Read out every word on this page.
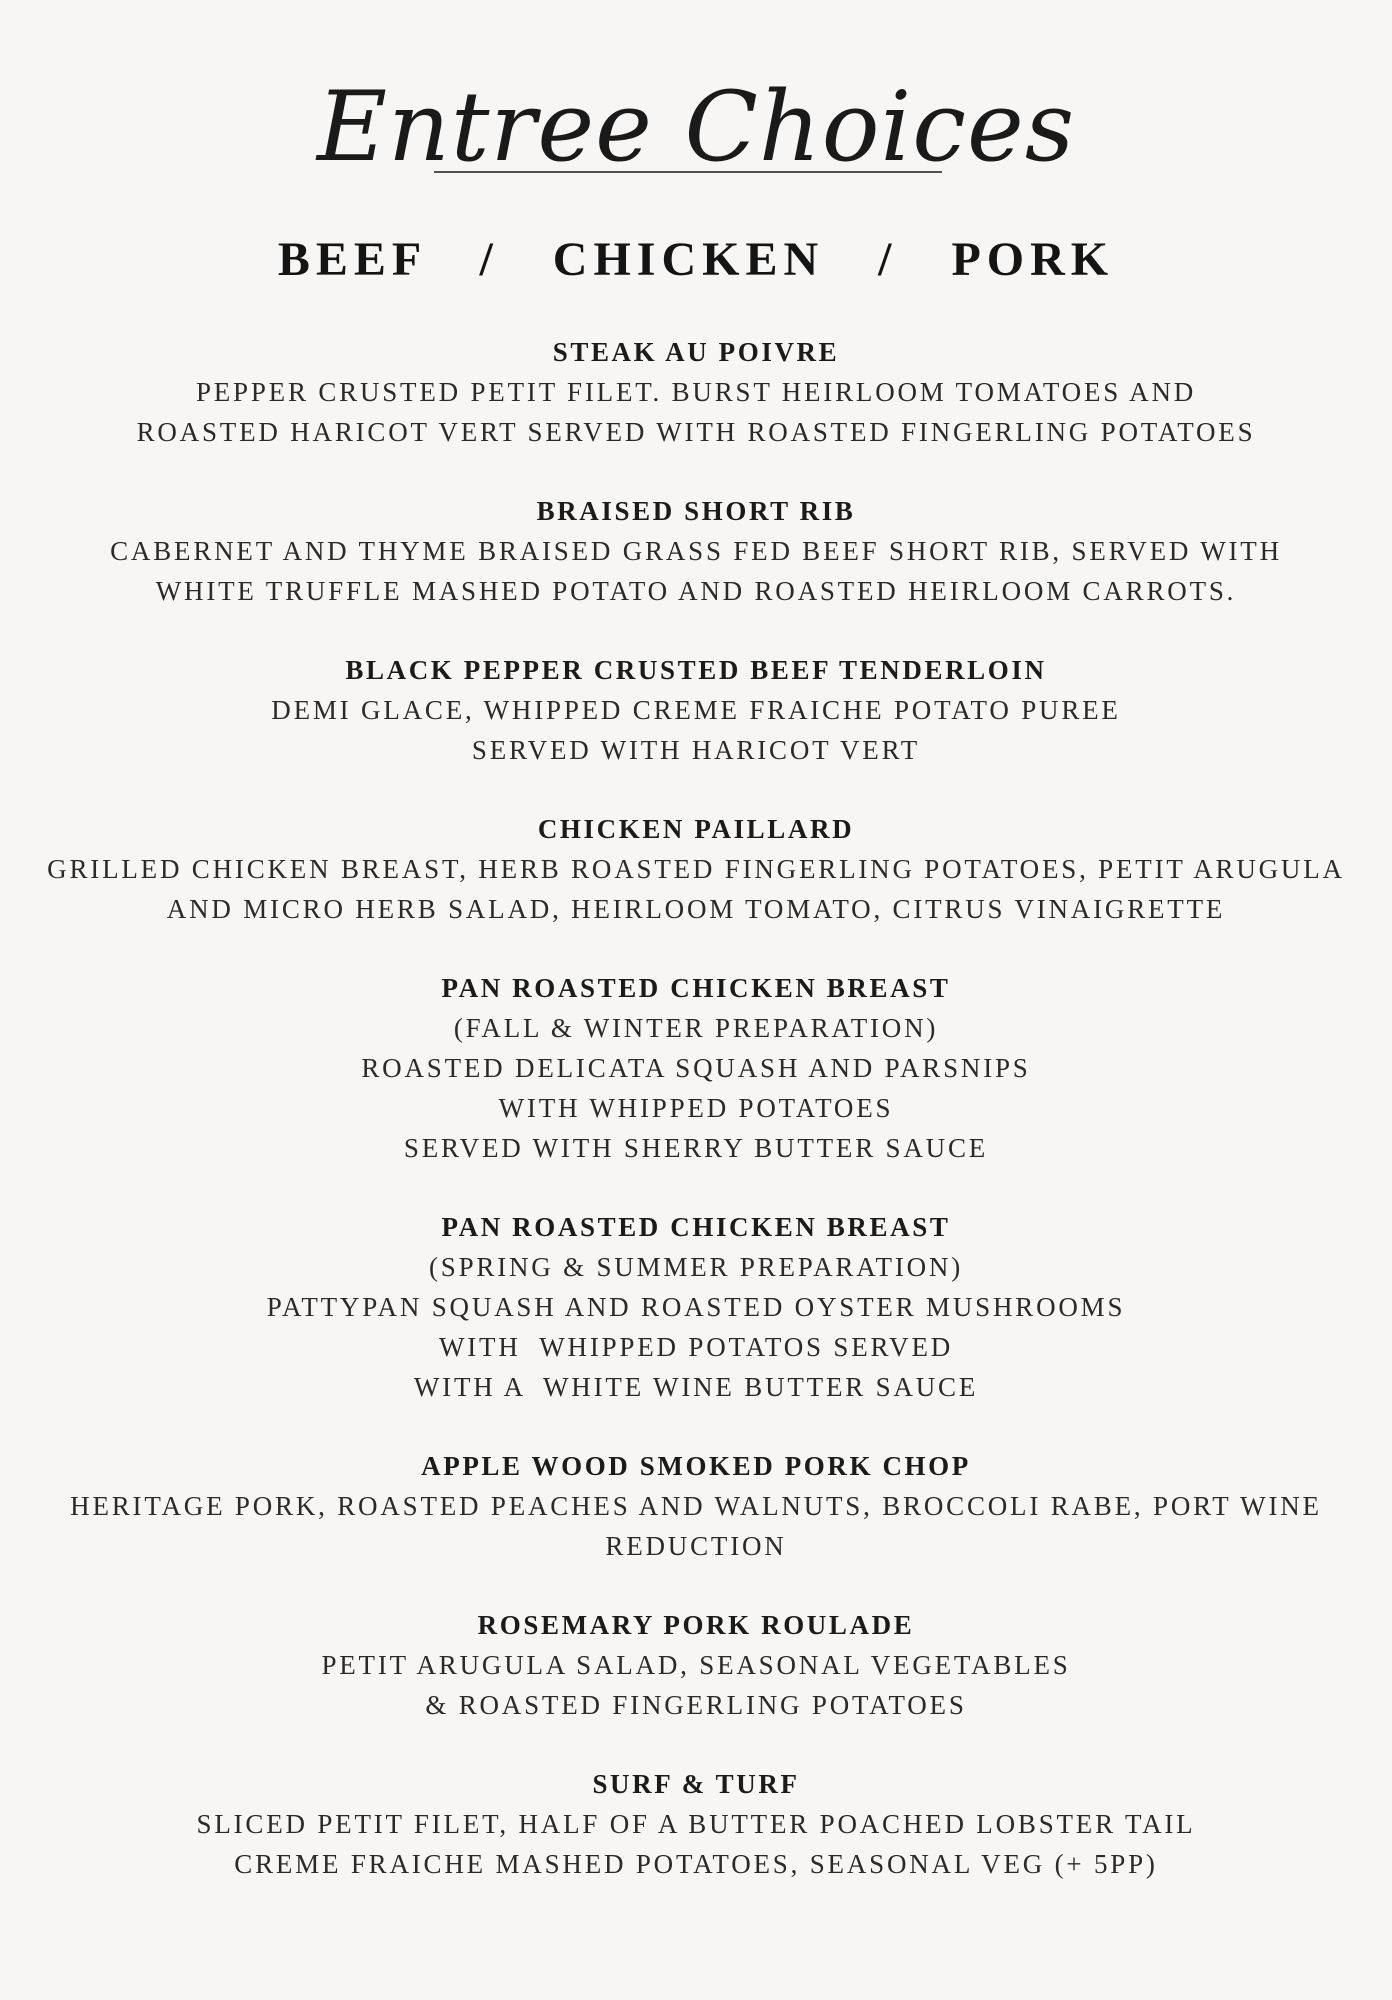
Entree Choices
BEEF   /   CHICKEN   /   PORK
STEAK AU POIVRE
PEPPER CRUSTED PETIT FILET. BURST HEIRLOOM TOMATOES AND
ROASTED HARICOT VERT SERVED WITH ROASTED FINGERLING POTATOES
BRAISED SHORT RIB
CABERNET AND THYME BRAISED GRASS FED BEEF SHORT RIB, SERVED WITH
WHITE TRUFFLE MASHED POTATO AND ROASTED HEIRLOOM CARROTS.
BLACK PEPPER CRUSTED BEEF TENDERLOIN
DEMI GLACE, WHIPPED CREME FRAICHE POTATO PUREE
SERVED WITH HARICOT VERT
CHICKEN PAILLARD
GRILLED CHICKEN BREAST, HERB ROASTED FINGERLING POTATOES, PETIT ARUGULA
AND MICRO HERB SALAD, HEIRLOOM TOMATO, CITRUS VINAIGRETTE
PAN ROASTED CHICKEN BREAST
(FALL & WINTER PREPARATION)
ROASTED DELICATA SQUASH AND PARSNIPS
WITH WHIPPED POTATOES
SERVED WITH SHERRY BUTTER SAUCE
PAN ROASTED CHICKEN BREAST
(SPRING & SUMMER PREPARATION)
PATTYPAN SQUASH AND ROASTED OYSTER MUSHROOMS
WITH  WHIPPED POTATOS SERVED
WITH A  WHITE WINE BUTTER SAUCE
APPLE WOOD SMOKED PORK CHOP
HERITAGE PORK, ROASTED PEACHES AND WALNUTS, BROCCOLI RABE, PORT WINE
REDUCTION
ROSEMARY PORK ROULADE
PETIT ARUGULA SALAD, SEASONAL VEGETABLES
& ROASTED FINGERLING POTATOES
SURF & TURF
SLICED PETIT FILET, HALF OF A BUTTER POACHED LOBSTER TAIL
CREME FRAICHE MASHED POTATOES, SEASONAL VEG (+ 5PP)
